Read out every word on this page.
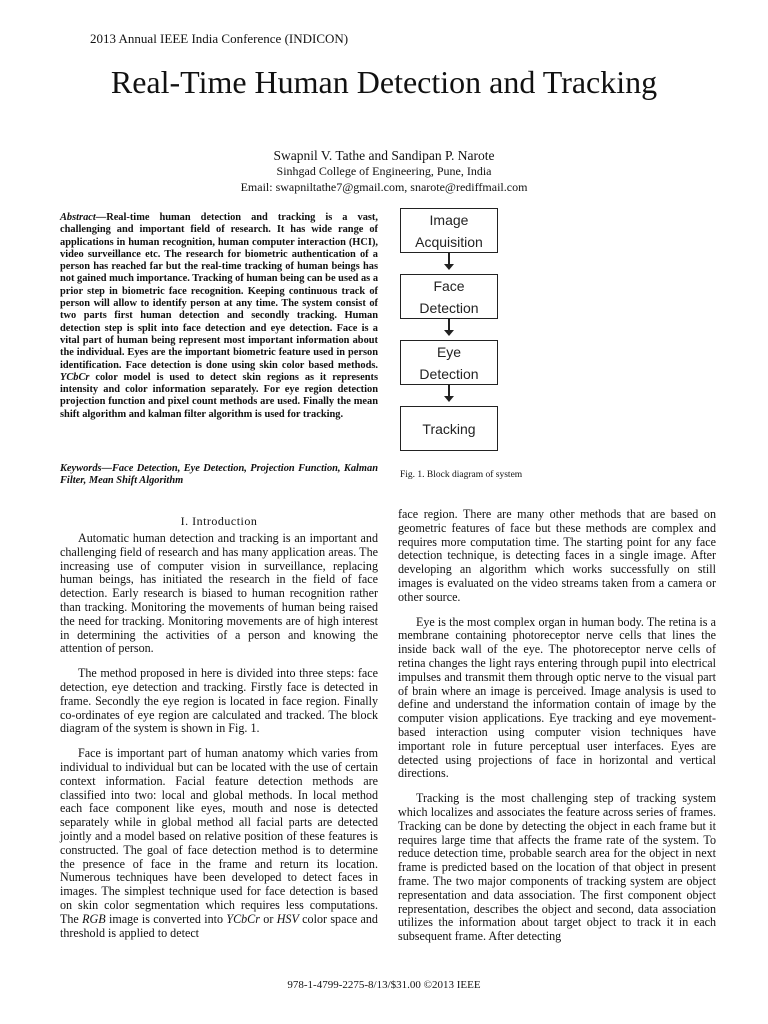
2013 Annual IEEE India Conference (INDICON)
Real-Time Human Detection and Tracking
Swapnil V. Tathe and Sandipan P. Narote
Sinhgad College of Engineering, Pune, India
Email: swapniltathe7@gmail.com, snarote@rediffmail.com
Abstract—Real-time human detection and tracking is a vast, challenging and important field of research. It has wide range of applications in human recognition, human computer interaction (HCI), video surveillance etc. The research for biometric authentication of a person has reached far but the real-time tracking of human beings has not gained much importance. Tracking of human being can be used as a prior step in biometric face recognition. Keeping continuous track of person will allow to identify person at any time. The system consist of two parts first human detection and secondly tracking. Human detection step is split into face detection and eye detection. Face is a vital part of human being represent most important information about the individual. Eyes are the important biometric feature used in person identification. Face detection is done using skin color based methods. YCbCr color model is used to detect skin regions as it represents intensity and color information separately. For eye region detection projection function and pixel count methods are used. Finally the mean shift algorithm and kalman filter algorithm is used for tracking.
Keywords—Face Detection, Eye Detection, Projection Function, Kalman Filter, Mean Shift Algorithm
I. Introduction

Automatic human detection and tracking is an important and challenging field of research and has many application areas. The increasing use of computer vision in surveillance, replacing human beings, has initiated the research in the field of face detection. Early research is biased to human recognition rather than tracking. Monitoring the movements of human being raised the need for tracking. Monitoring movements are of high interest in determining the activities of a person and knowing the attention of person.

The method proposed in here is divided into three steps: face detection, eye detection and tracking. Firstly face is detected in frame. Secondly the eye region is located in face region. Finally co-ordinates of eye region are calculated and tracked. The block diagram of the system is shown in Fig. 1.

Face is important part of human anatomy which varies from individual to individual but can be located with the use of certain context information. Facial feature detection methods are classified into two: local and global methods. In local method each face component like eyes, mouth and nose is detected separately while in global method all facial parts are detected jointly and a model based on relative position of these features is constructed. The goal of face detection method is to determine the presence of face in the frame and return its location. Numerous techniques have been developed to detect faces in images. The simplest technique used for face detection is based on skin color segmentation which requires less computations. The RGB image is converted into YCbCr or HSV color space and threshold is applied to detect

Image
Acquisition
Face
Detection
Eye
Detection
Tracking
Fig. 1. Block diagram of system

face region. There are many other methods that are based on geometric features of face but these methods are complex and requires more computation time. The starting point for any face detection technique, is detecting faces in a single image. After developing an algorithm which works successfully on still images is evaluated on the video streams taken from a camera or other source.

Eye is the most complex organ in human body. The retina is a membrane containing photoreceptor nerve cells that lines the inside back wall of the eye. The photoreceptor nerve cells of retina changes the light rays entering through pupil into electrical impulses and transmit them through optic nerve to the visual part of brain where an image is perceived. Image analysis is used to define and understand the information contain of image by the computer vision applications. Eye tracking and eye movement-based interaction using computer vision techniques have important role in future perceptual user interfaces. Eyes are detected using projections of face in horizontal and vertical directions.

Tracking is the most challenging step of tracking system which localizes and associates the feature across series of frames. Tracking can be done by detecting the object in each frame but it requires large time that affects the frame rate of the system. To reduce detection time, probable search area for the object in next frame is predicted based on the location of that object in present frame. The two major components of tracking system are object representation and data association. The first component object representation, describes the object and second, data association utilizes the information about target object to track it in each subsequent frame. After detecting

978-1-4799-2275-8/13/$31.00 ©2013 IEEE
